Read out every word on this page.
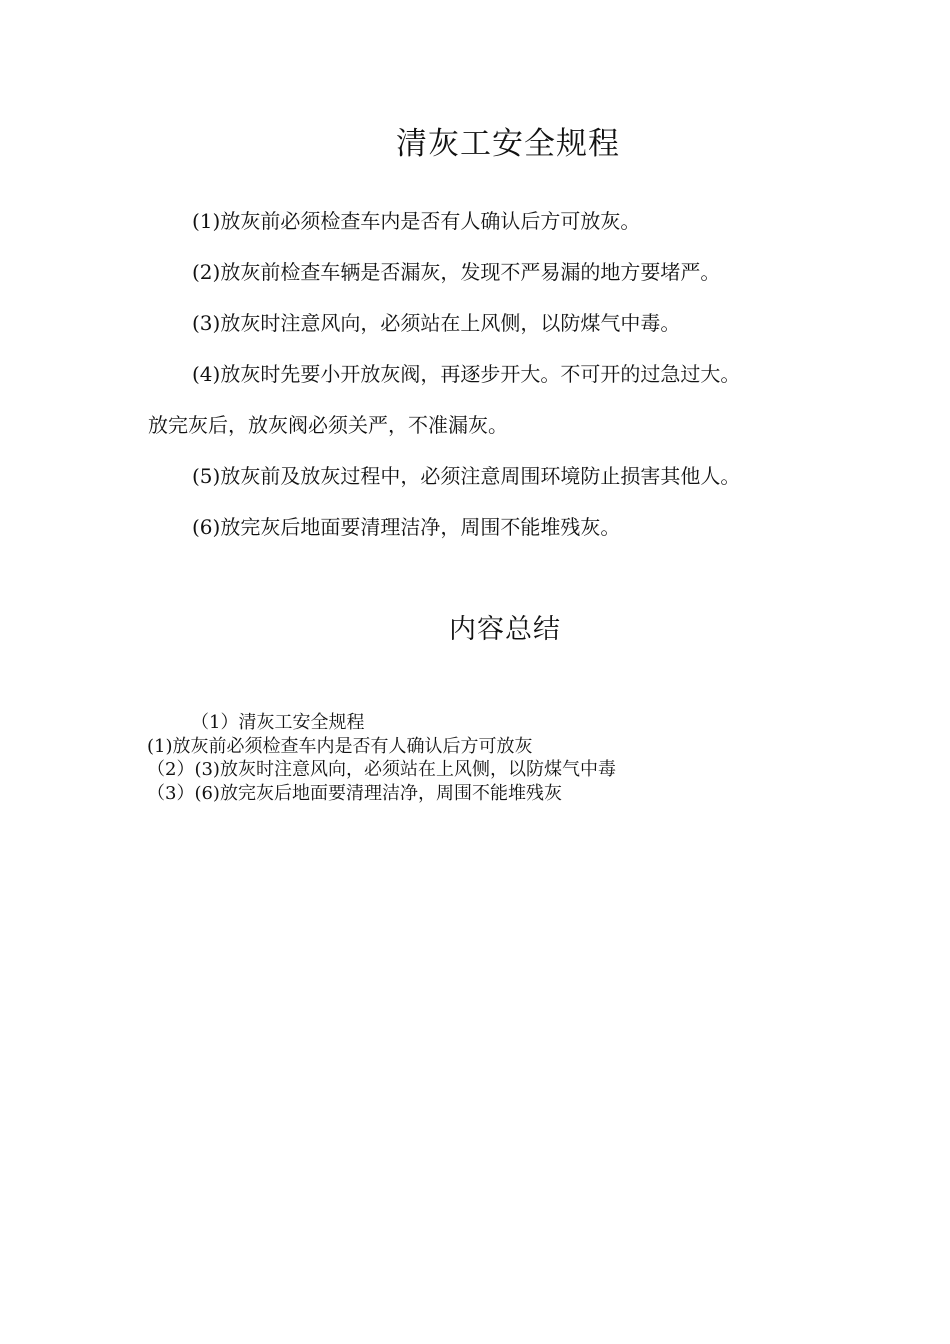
清灰工安全规程

(1)放灰前必须检查车内是否有人确认后方可放灰。

(2)放灰前检查车辆是否漏灰，发现不严易漏的地方要堵严。

(3)放灰时注意风向，必须站在上风侧，以防煤气中毒。

(4)放灰时先要小开放灰阀，再逐步开大。不可开的过急过大。

放完灰后，放灰阀必须关严，不准漏灰。

(5)放灰前及放灰过程中，必须注意周围环境防止损害其他人。

(6)放完灰后地面要清理洁净，周围不能堆残灰。

内容总结
（1）清灰工安全规程
(1)放灰前必须检查车内是否有人确认后方可放灰
（2）(3)放灰时注意风向，必须站在上风侧，以防煤气中毒
（3）(6)放完灰后地面要清理洁净，周围不能堆残灰
